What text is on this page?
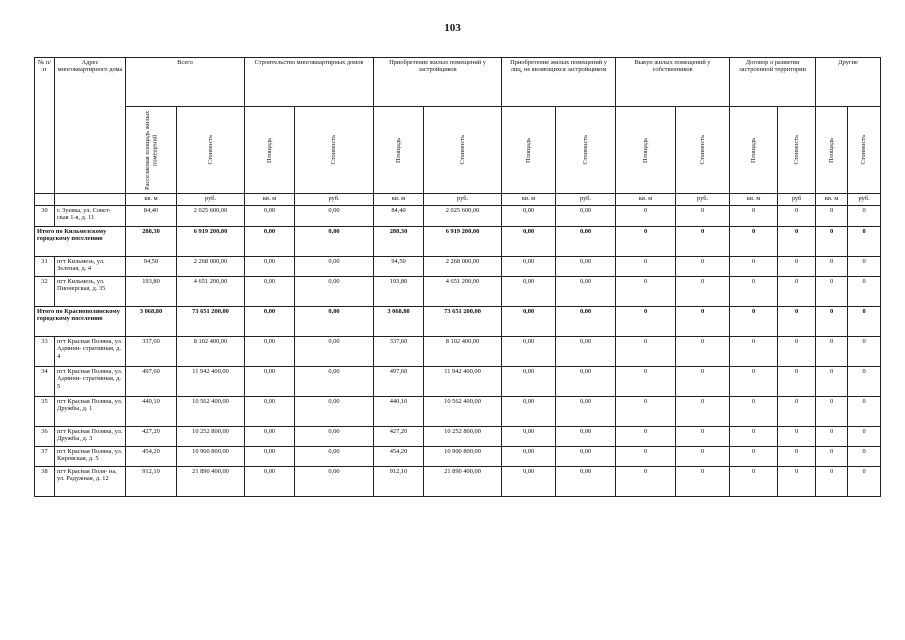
103
№ п/п	Адрес многоквартирного дома	Всего		Строительство многоквартирных домов		Приобретение жилых помещений у застройщиков		Приобретение жилых помещений у лиц, не являющихся застройщиком		Выкуп жилых помещений у собственников		Договор о развитии застроенной территории		Другие	

		Расселяемая площадь жилых помещений	Стоимость	Площадь	Стоимость	Площадь	Стоимость	Площадь	Стоимость	Площадь	Стоимость	Площадь	Стоимость	Площадь	Стоимость

		кв. м	руб.	кв. м	руб.	кв. м	руб.	кв. м	руб.	кв. м	руб.	кв. м	руб	кв. м	руб.
30	г. Зуевка, ул. Совет- ская 1-я, д. 11	84,40	2 025 600,00	0,00	0,00	84,40	2 025 600,00	0,00	0,00	0	0	0	0	0	0
Итого по Кильмезскому городскому поселению		288,30	6 919 200,00	0,00	0,00	288,30	6 919 200,00	0,00	0,00	0	0	0	0	0	0
31	пгт Кильмезь, ул. Зеленая, д. 4	94,50	2 268 000,00	0,00	0,00	94,50	2 268 000,00	0,00	0,00	0	0	0	0	0	0
32	пгт Кильмезь, ул. Пионерская, д. 35	193,80	4 651 200,00	0,00	0,00	193,80	4 651 200,00	0,00	0,00	0	0	0	0	0	0
Итого по Краснополянскому городскому поселению		3 068,80	73 651 200,00	0,00	0,00	3 068,80	73 651 200,00	0,00	0,00	0	0	0	0	0	0
33	пгт Красная Поляна, ул. Админи- стративная, д. 4	337,60	8 102 400,00	0,00	0,00	337,60	8 102 400,00	0,00	0,00	0	0	0	0	0	0
34	пгт Красная Поляна, ул. Админи- стративная, д. 5	497,60	11 942 400,00	0,00	0,00	497,60	11 942 400,00	0,00	0,00	0	0	0	0	0	0
35	пгт Красная Поляна, ул. Дружбы, д. 1	440,10	10 562 400,00	0,00	0,00	440,10	10 562 400,00	0,00	0,00	0	0	0	0	0	0
36	пгт Красная Поляна, ул. Дружбы, д. 3	427,20	10 252 800,00	0,00	0,00	427,20	10 252 800,00	0,00	0,00	0	0	0	0	0	0
37	пгт Красная Поляна, ул. Кировская, д. 5	454,20	10 900 800,00	0,00	0,00	454,20	10 900 800,00	0,00	0,00	0	0	0	0	0	0
38	пгт Красная Поля- на, ул. Радужная, д. 12	912,10	21 890 400,00	0,00	0,00	912,10	21 890 400,00	0,00	0,00	0	0	0	0	0	0
